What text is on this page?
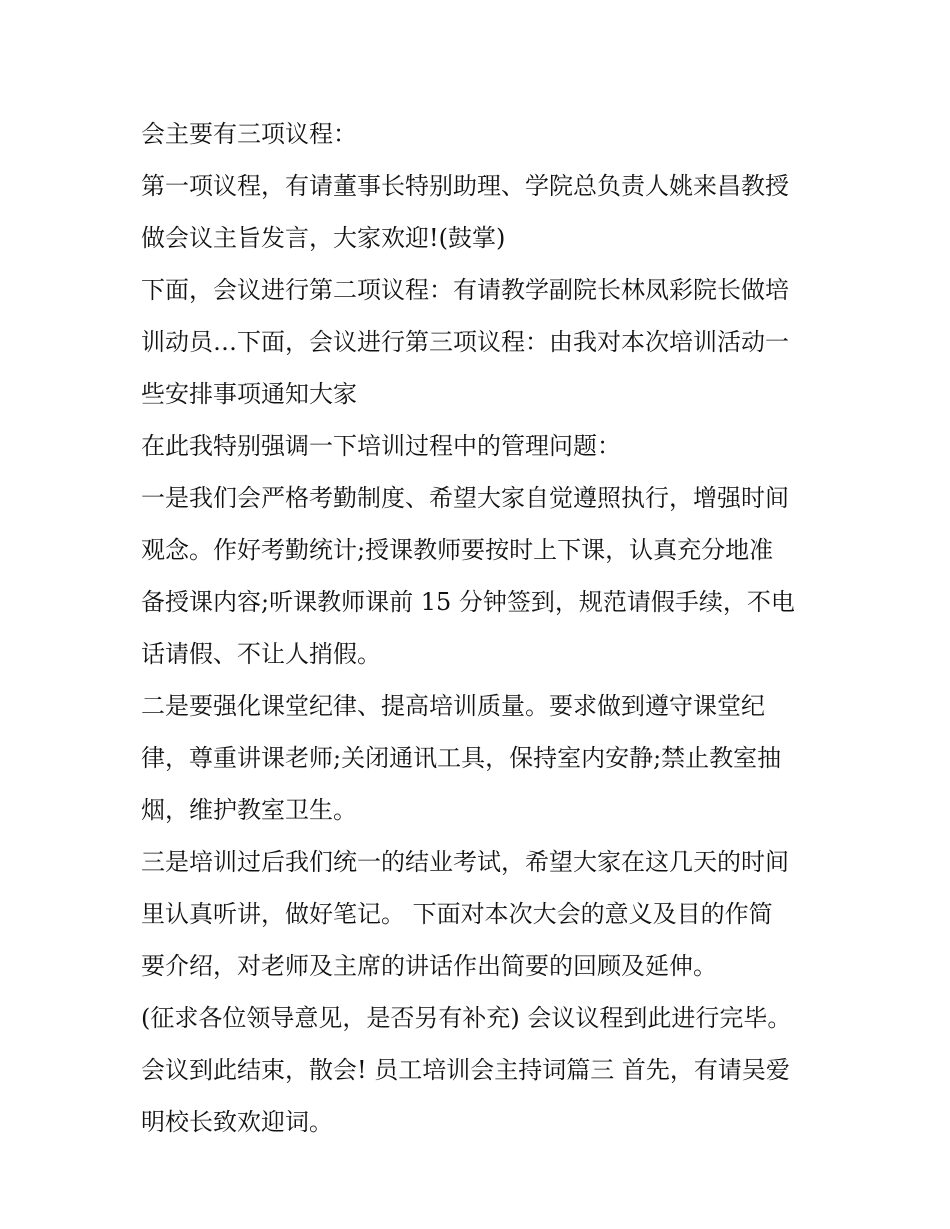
会主要有三项议程：
第一项议程，有请董事长特别助理、学院总负责人姚来昌教授
做会议主旨发言，大家欢迎!(鼓掌)
下面，会议进行第二项议程：有请教学副院长林凤彩院长做培
训动员…下面，会议进行第三项议程：由我对本次培训活动一
些安排事项通知大家
在此我特别强调一下培训过程中的管理问题：
一是我们会严格考勤制度、希望大家自觉遵照执行，增强时间
观念。作好考勤统计;授课教师要按时上下课，认真充分地准
备授课内容;听课教师课前 15 分钟签到，规范请假手续，不电
话请假、不让人捎假。
二是要强化课堂纪律、提高培训质量。要求做到遵守课堂纪
律，尊重讲课老师;关闭通讯工具，保持室内安静;禁止教室抽
烟，维护教室卫生。
三是培训过后我们统一的结业考试，希望大家在这几天的时间
里认真听讲，做好笔记。 下面对本次大会的意义及目的作简
要介绍，对老师及主席的讲话作出简要的回顾及延伸。
(征求各位领导意见，是否另有补充) 会议议程到此进行完毕。
会议到此结束，散会! 员工培训会主持词篇三 首先，有请吴爱
明校长致欢迎词。
